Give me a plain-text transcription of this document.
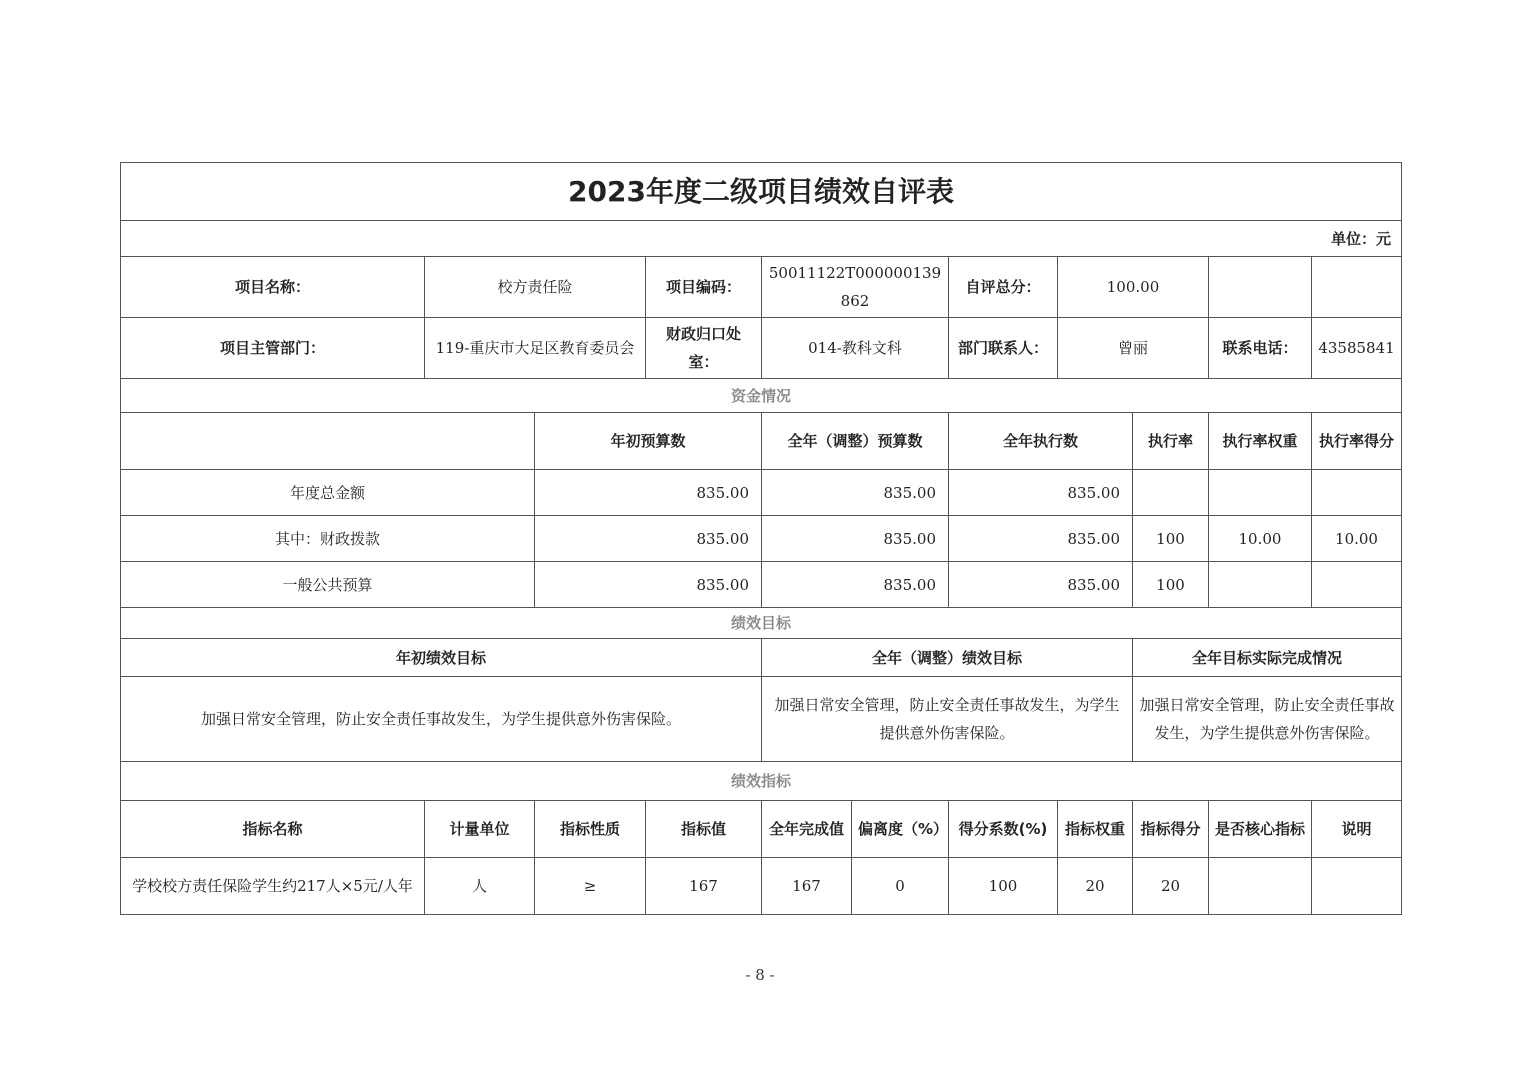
2023年度二级项目绩效自评表										
单位：元										
项目名称：	校方责任险		项目编码：	50011122T000000139862		自评总分：	100.00			
项目主管部门：	119-重庆市大足区教育委员会		财政归口处室：	014-教科文科		部门联系人：	曾丽		联系电话：	43585841
资金情况										
		年初预算数		全年（调整）预算数		全年执行数		执行率	执行率权重	执行率得分
年度总金额		835.00		835.00		835.00				
其中：财政拨款		835.00		835.00		835.00		100	10.00	10.00
一般公共预算		835.00		835.00		835.00		100		
绩效目标										
年初绩效目标				全年（调整）绩效目标				全年目标实际完成情况		
加强日常安全管理，防止安全责任事故发生，为学生提供意外伤害保险。				加强日常安全管理，防止安全责任事故发生，为学生提供意外伤害保险。				加强日常安全管理，防止安全责任事故发生，为学生提供意外伤害保险。		
绩效指标										
指标名称	计量单位	指标性质	指标值	全年完成值	偏离度（%）	得分系数(%)	指标权重	指标得分	是否核心指标	说明
学校校方责任保险学生约217人×5元/人年	人	≥	167	167	0	100	20	20		
- 8 -
